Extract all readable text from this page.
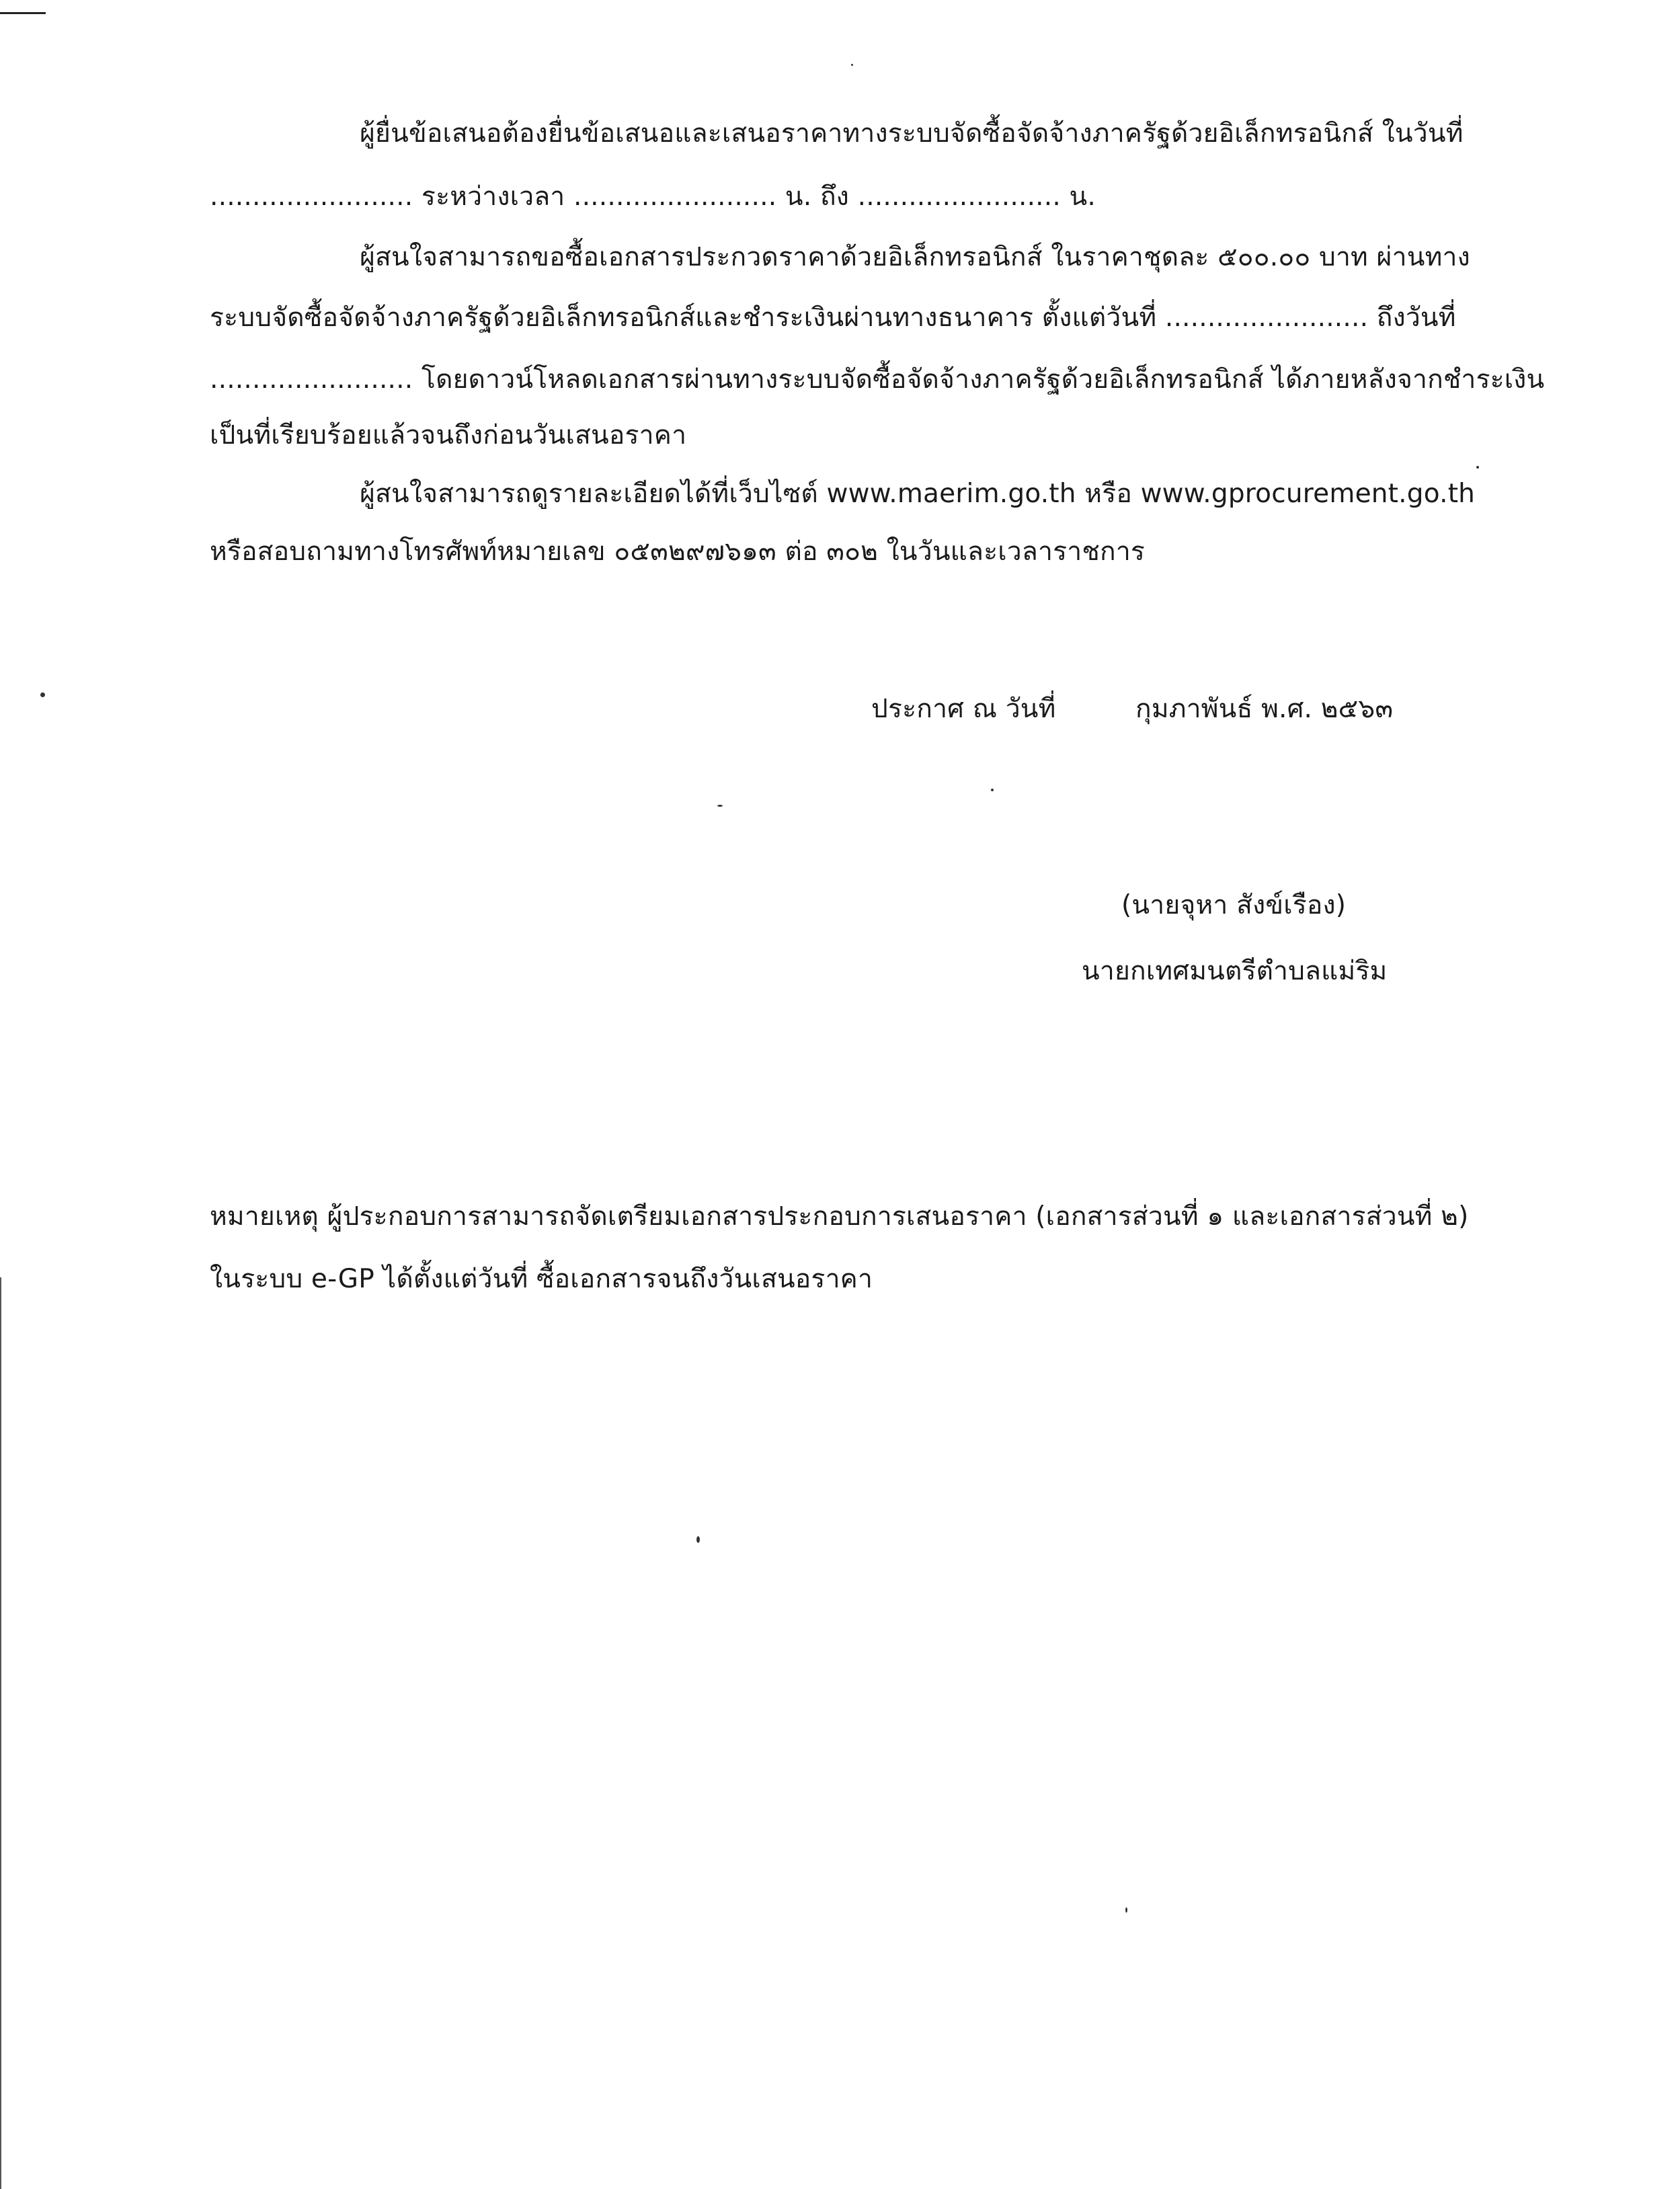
ผู้ยื่นข้อเสนอต้องยื่นข้อเสนอและเสนอราคาทางระบบจัดซื้อจัดจ้างภาครัฐด้วยอิเล็กทรอนิกส์ ในวันที่
........................ ระหว่างเวลา ........................ น. ถึง ........................ น.
ผู้สนใจสามารถขอซื้อเอกสารประกวดราคาด้วยอิเล็กทรอนิกส์ ในราคาชุดละ ๕๐๐.๐๐ บาท ผ่านทาง
ระบบจัดซื้อจัดจ้างภาครัฐด้วยอิเล็กทรอนิกส์และชำระเงินผ่านทางธนาคาร ตั้งแต่วันที่ ........................ ถึงวันที่
........................ โดยดาวน์โหลดเอกสารผ่านทางระบบจัดซื้อจัดจ้างภาครัฐด้วยอิเล็กทรอนิกส์ ได้ภายหลังจากชำระเงิน
เป็นที่เรียบร้อยแล้วจนถึงก่อนวันเสนอราคา
ผู้สนใจสามารถดูรายละเอียดได้ที่เว็บไซต์ www.maerim.go.th หรือ www.gprocurement.go.th
หรือสอบถามทางโทรศัพท์หมายเลข ๐๕๓๒๙๗๖๑๓ ต่อ ๓๐๒ ในวันและเวลาราชการ
ประกาศ ณ วันที่	กุมภาพันธ์ พ.ศ. ๒๕๖๓
(นายจุหา สังข์เรือง)
นายกเทศมนตรีตำบลแม่ริม
หมายเหตุ ผู้ประกอบการสามารถจัดเตรียมเอกสารประกอบการเสนอราคา (เอกสารส่วนที่ ๑ และเอกสารส่วนที่ ๒)
ในระบบ e-GP ได้ตั้งแต่วันที่ ซื้อเอกสารจนถึงวันเสนอราคา
